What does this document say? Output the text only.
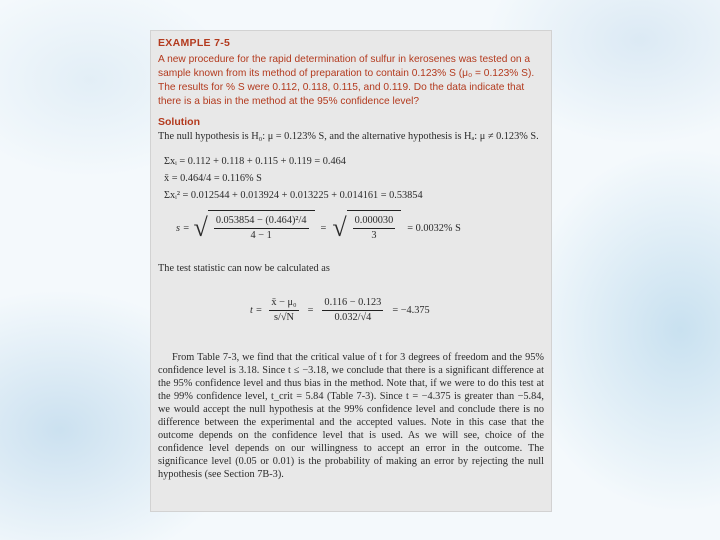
EXAMPLE 7-5

A new procedure for the rapid determination of sulfur in kerosenes was tested on a sample known from its method of preparation to contain 0.123% S (μ₀ = 0.123% S). The results for % S were 0.112, 0.118, 0.115, and 0.119. Do the data indicate that there is a bias in the method at the 95% confidence level?

Solution

The null hypothesis is H₀: μ = 0.123% S, and the alternative hypothesis is Hₐ: μ ≠ 0.123% S.

Σxᵢ = 0.112 + 0.118 + 0.115 + 0.119 = 0.464
x̄ = 0.464/4 = 0.116% S
Σxᵢ² = 0.012544 + 0.013924 + 0.013225 + 0.014161 = 0.53854
s = √ $\frac{\text{0.053854 − (0.464)²/4}}{4 - 1}$ = √ $\frac{0.000030}{3} = 0.0032\%$ S

The test statistic can now be calculated as

$t = \frac{\text{x̄ − μ₀}}{s/√N} = \frac{0.116 - 0.123}{0.032/√4} = -4.375$

From Table 7-3, we find that the critical value of t for 3 degrees of freedom and the 95% confidence level is 3.18. Since t ≤ −3.18, we conclude that there is a significant difference at the 95% confidence level and thus bias in the method. Note that, if we were to do this test at the 99% confidence level, t_crit = 5.84 (Table 7-3). Since t = −4.375 is greater than −5.84, we would accept the null hypothesis at the 99% confidence level and conclude there is no difference between the experimental and the accepted values. Note in this case that the outcome depends on the confidence level that is used. As we will see, choice of the confidence level depends on our willingness to accept an error in the outcome. The significance level (0.05 or 0.01) is the probability of making an error by rejecting the null hypothesis (see Section 7B-3).
